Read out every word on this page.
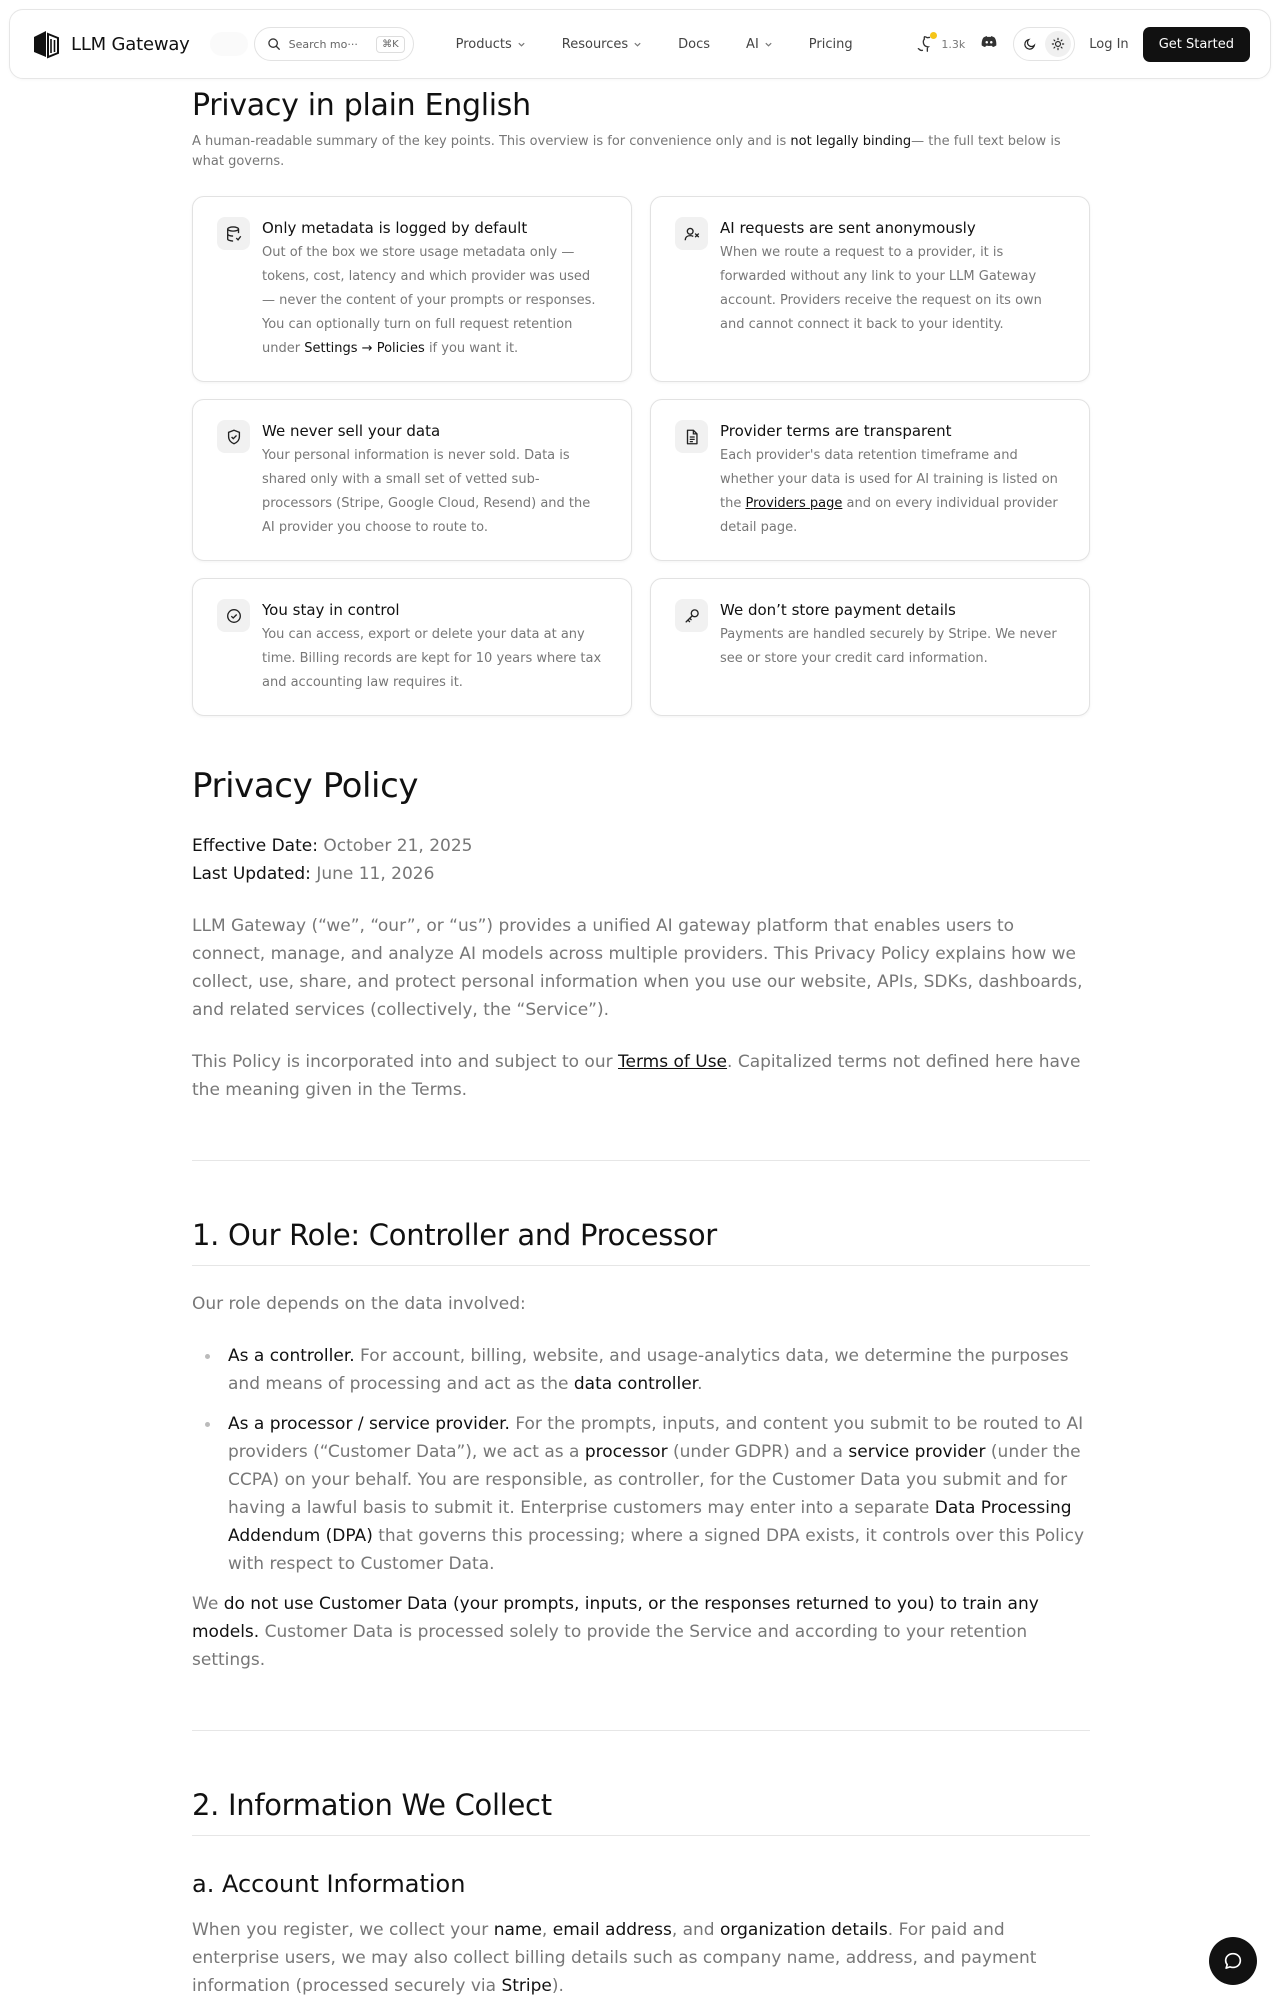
LLM Gateway
Search mo···	⌘K	Products	Resources	Docs	AI	Pricing	1.3k	Log In	Get Started
Privacy in plain English

A human-readable summary of the key points. This overview is for convenience only and is not legally binding— the full text below is what governs.

Only metadata is logged by default

Out of the box we store usage metadata only — tokens, cost, latency and which provider was used — never the content of your prompts or responses. You can optionally turn on full request retention under Settings → Policies if you want it.

AI requests are sent anonymously

When we route a request to a provider, it is forwarded without any link to your LLM Gateway account. Providers receive the request on its own and cannot connect it back to your identity.

We never sell your data

Your personal information is never sold. Data is shared only with a small set of vetted sub-processors (Stripe, Google Cloud, Resend) and the AI provider you choose to route to.

Provider terms are transparent

Each provider's data retention timeframe and whether your data is used for AI training is listed on the Providers page and on every individual provider detail page.

You stay in control

You can access, export or delete your data at any time. Billing records are kept for 10 years where tax and accounting law requires it.

We don’t store payment details

Payments are handled securely by Stripe. We never see or store your credit card information.

Privacy Policy
Effective Date: October 21, 2025
Last Updated: June 11, 2026

LLM Gateway (“we”, “our”, or “us”) provides a unified AI gateway platform that enables users to connect, manage, and analyze AI models across multiple providers. This Privacy Policy explains how we collect, use, share, and protect personal information when you use our website, APIs, SDKs, dashboards, and related services (collectively, the “Service”).

This Policy is incorporated into and subject to our Terms of Use. Capitalized terms not defined here have the meaning given in the Terms.

1. Our Role: Controller and Processor

Our role depends on the data involved:

As a controller. For account, billing, website, and usage-analytics data, we determine the purposes and means of processing and act as the data controller.
As a processor / service provider. For the prompts, inputs, and content you submit to be routed to AI providers (“Customer Data”), we act as a processor (under GDPR) and a service provider (under the CCPA) on your behalf. You are responsible, as controller, for the Customer Data you submit and for having a lawful basis to submit it. Enterprise customers may enter into a separate Data Processing Addendum (DPA) that governs this processing; where a signed DPA exists, it controls over this Policy with respect to Customer Data.

We do not use Customer Data (your prompts, inputs, or the responses returned to you) to train any models. Customer Data is processed solely to provide the Service and according to your retention settings.

2. Information We Collect
a. Account Information

When you register, we collect your name, email address, and organization details. For paid and enterprise users, we may also collect billing details such as company name, address, and payment information (processed securely via Stripe).
